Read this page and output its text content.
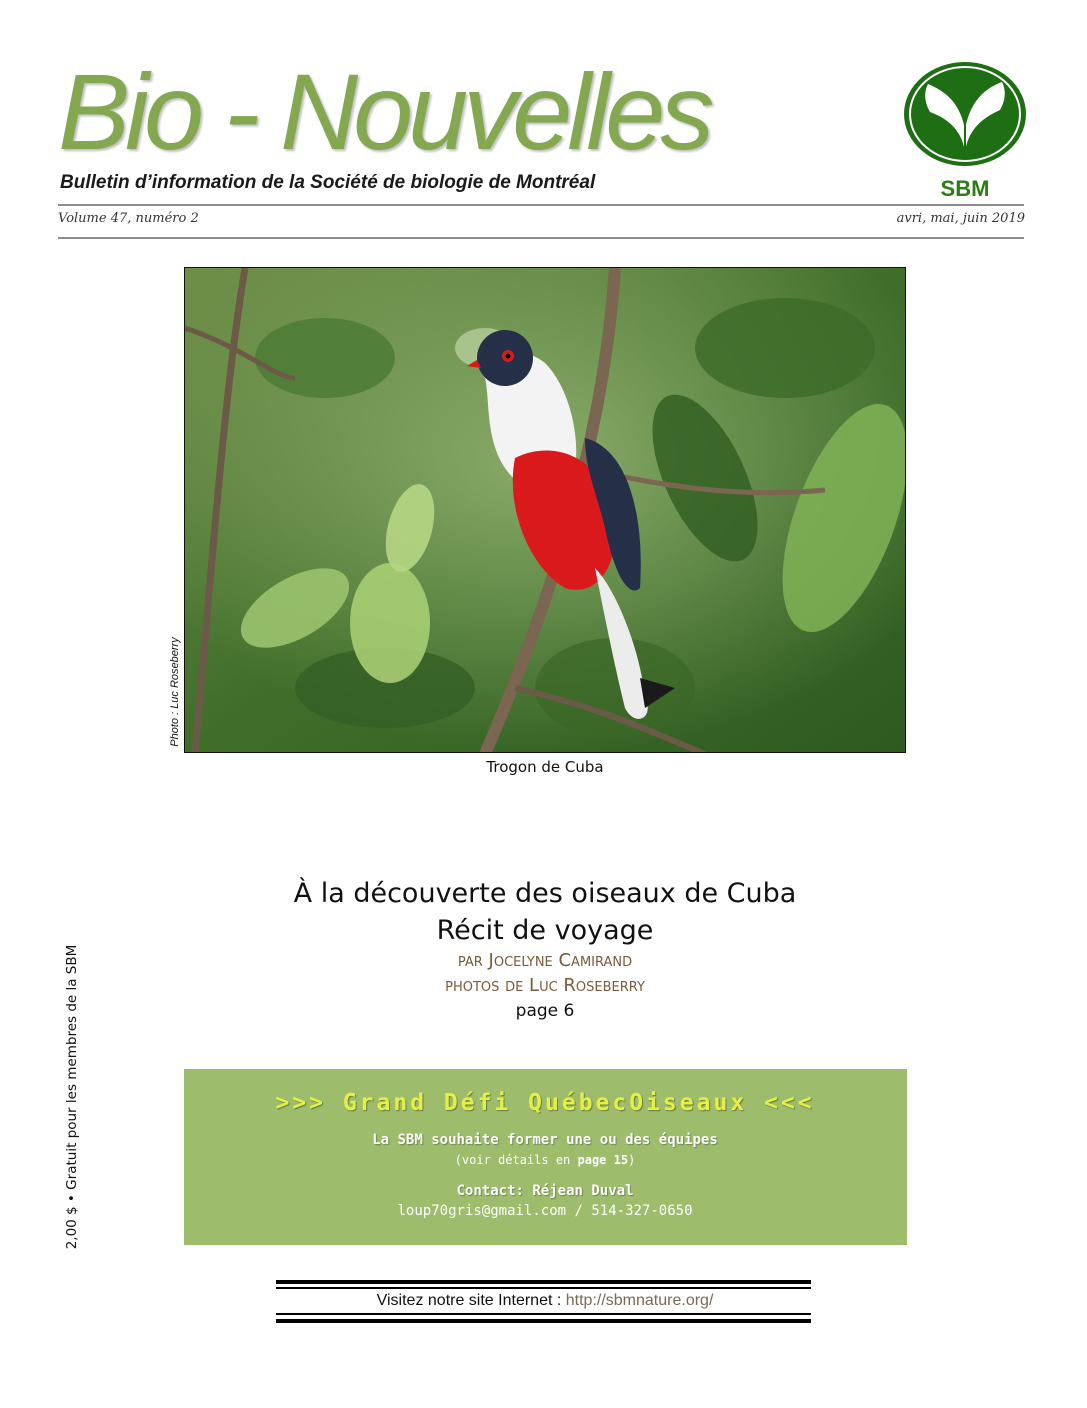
Bio - Nouvelles
Bulletin d’information de la Société de biologie de Montréal
Volume 47, numéro 2	avri, mai, juin 2019
SBM
Photo : Luc Roseberry
Trogon de Cuba
2,00 $ • Gratuit pour les membres de la SBM
À la découverte des oiseaux de Cuba
Récit de voyage
par Jocelyne Camirand
photos de Luc Roseberry
page 6
>>> Grand Défi QuébecOiseaux <<<
La SBM souhaite former une ou des équipes
(voir détails en page 15)
Contact: Réjean Duval
loup70gris@gmail.com / 514-327-0650
Visitez notre site Internet : http://sbmnature.org/
